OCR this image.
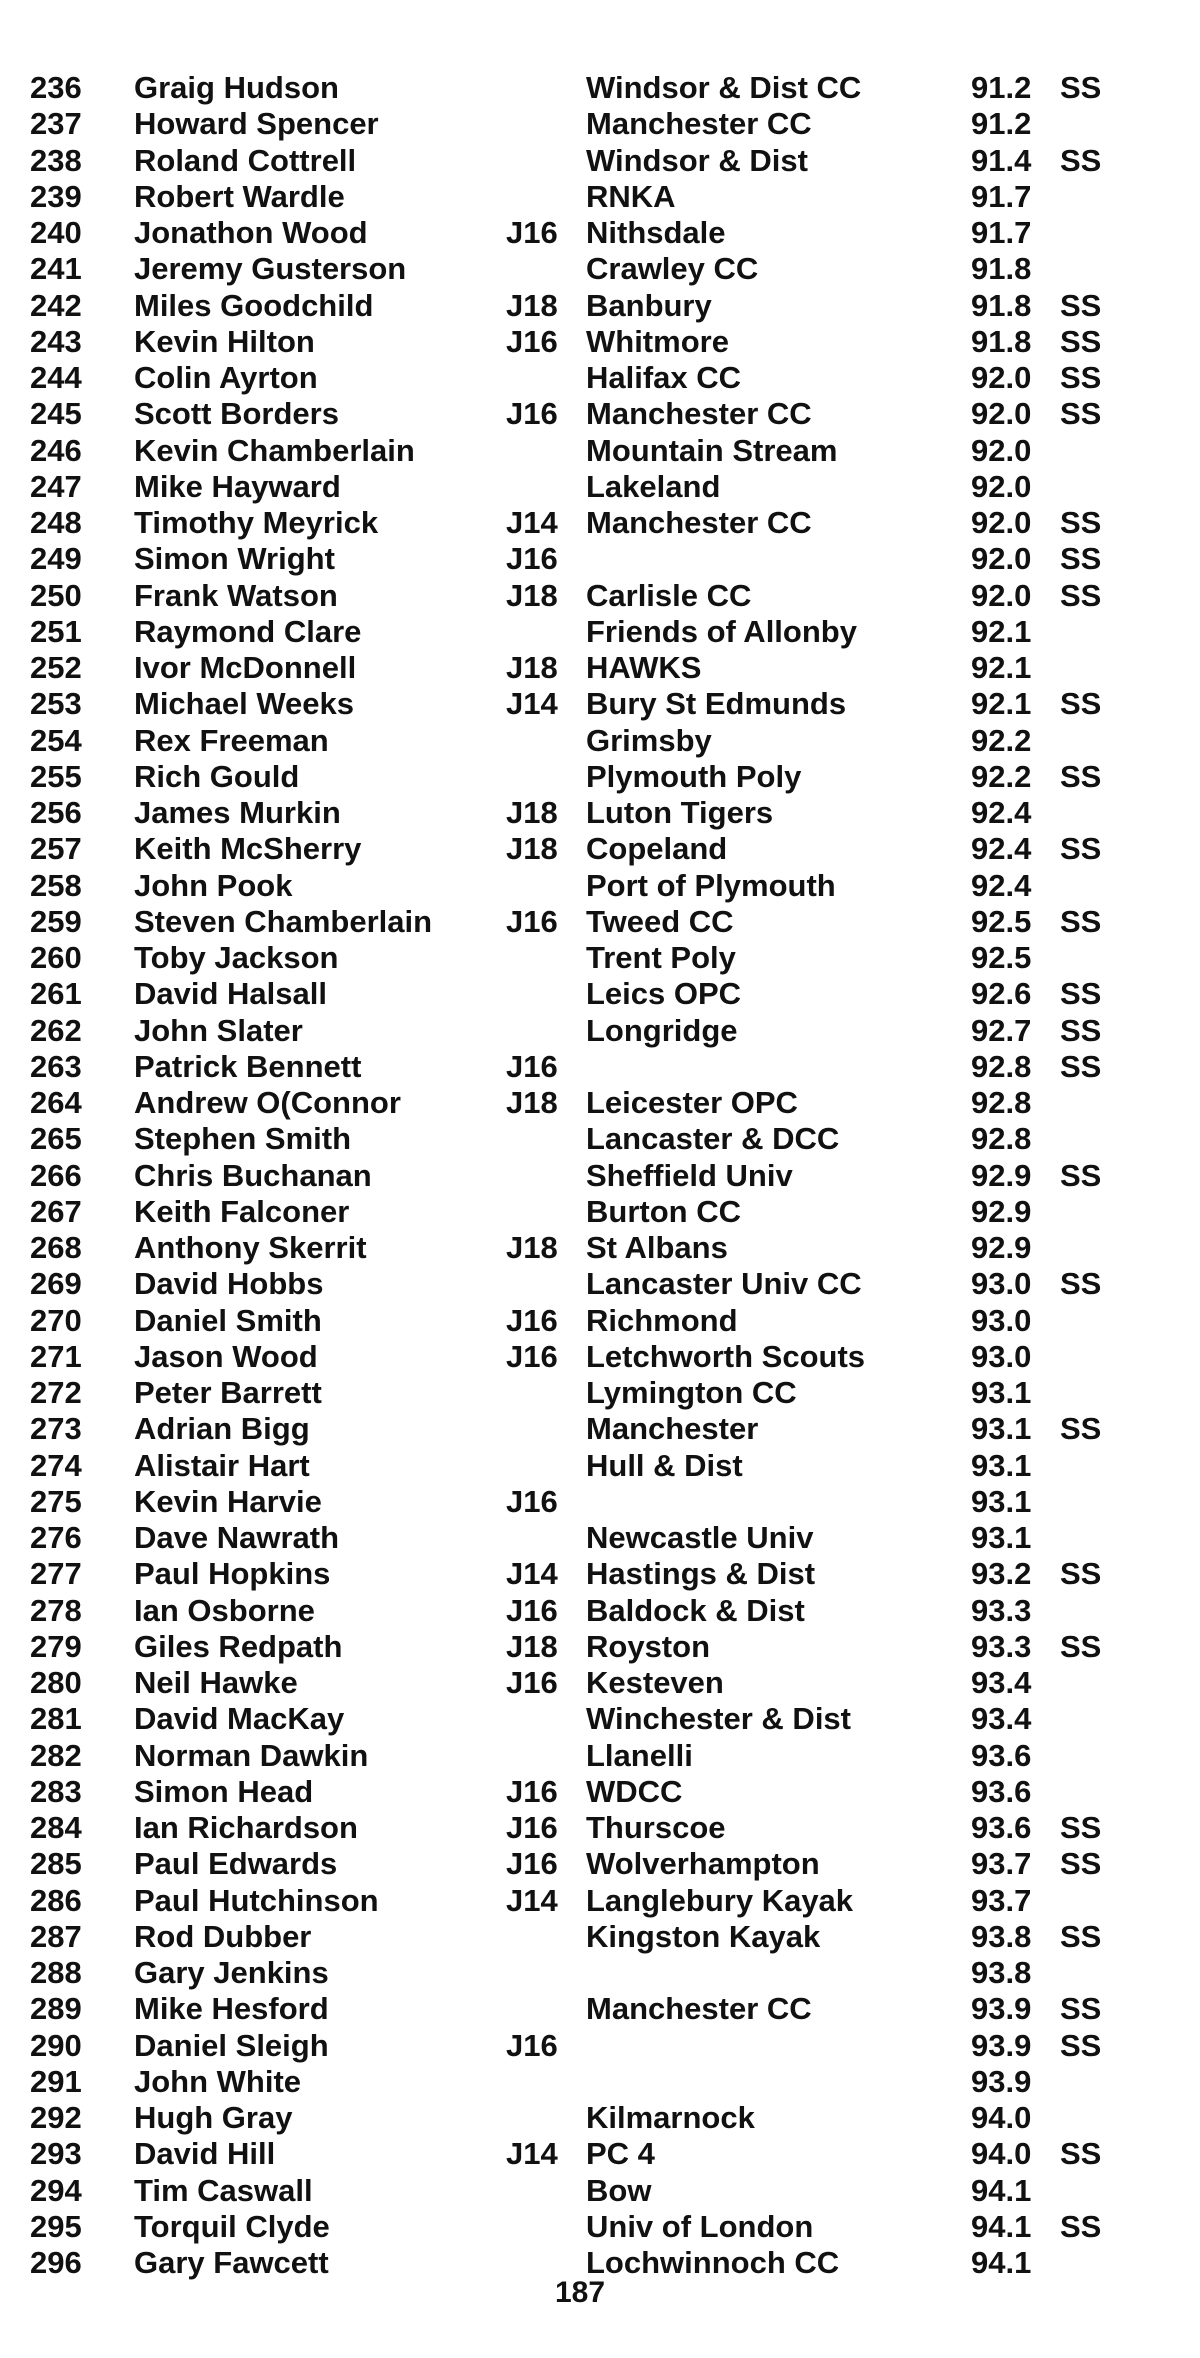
236 Graig Hudson	Windsor & Dist CC	91.2 SS
237 Howard Spencer	Manchester CC	91.2
238 Roland Cottrell	Windsor & Dist	91.4 SS
239 Robert Wardle	RNKA	91.7
240 Jonathon Wood	J16 Nithsdale	91.7
241 Jeremy Gusterson	Crawley CC	91.8
242 Miles Goodchild	J18 Banbury	91.8 SS
243 Kevin Hilton	J16 Whitmore	91.8 SS
244 Colin Ayrton	Halifax CC	92.0 SS
245 Scott Borders	J16 Manchester CC	92.0 SS
246 Kevin Chamberlain	Mountain Stream	92.0
247 Mike Hayward	Lakeland	92.0
248 Timothy Meyrick	J14 Manchester CC	92.0 SS
249 Simon Wright	J16	92.0 SS
250 Frank Watson	J18 Carlisle CC	92.0 SS
251 Raymond Clare	Friends of Allonby	92.1
252 Ivor McDonnell	J18 HAWKS	92.1
253 Michael Weeks	J14 Bury St Edmunds	92.1 SS
254 Rex Freeman	Grimsby	92.2
255 Rich Gould	Plymouth Poly	92.2 SS
256 James Murkin	J18 Luton Tigers	92.4
257 Keith McSherry	J18 Copeland	92.4 SS
258 John Pook	Port of Plymouth	92.4
259 Steven Chamberlain J16 Tweed CC	92.5 SS
260 Toby Jackson	Trent Poly	92.5
261 David Halsall	Leics OPC	92.6 SS
262 John Slater	Longridge	92.7 SS
263 Patrick Bennett	J16	92.8 SS
264 Andrew O(Connor	J18 Leicester OPC	92.8
265 Stephen Smith	Lancaster & DCC	92.8
266 Chris Buchanan	Sheffield Univ	92.9 SS
267 Keith Falconer	Burton CC	92.9
268 Anthony Skerrit	J18 St Albans	92.9
269 David Hobbs	Lancaster Univ CC	93.0 SS
270 Daniel Smith	J16 Richmond	93.0
271 Jason Wood	J16 Letchworth Scouts	93.0
272 Peter Barrett	Lymington CC	93.1
273 Adrian Bigg	Manchester	93.1 SS
274 Alistair Hart	Hull & Dist	93.1
275 Kevin Harvie	J16	93.1
276 Dave Nawrath	Newcastle Univ	93.1
277 Paul Hopkins	J14 Hastings & Dist	93.2 SS
278 Ian Osborne	J16 Baldock & Dist	93.3
279 Giles Redpath	J18 Royston	93.3 SS
280 Neil Hawke	J16 Kesteven	93.4
281 David MacKay	Winchester & Dist	93.4
282 Norman Dawkin	Llanelli	93.6
283 Simon Head	J16 WDCC	93.6
284 Ian Richardson	J16 Thurscoe	93.6 SS
285 Paul Edwards	J16 Wolverhampton	93.7 SS
286 Paul Hutchinson	J14 Langlebury Kayak	93.7
287 Rod Dubber	Kingston Kayak	93.8 SS
288 Gary Jenkins	93.8
289 Mike Hesford	Manchester CC	93.9 SS
290 Daniel Sleigh	J16	93.9 SS
291 John White	93.9
292 Hugh Gray	Kilmarnock	94.0
293 David Hill	J14 PC 4	94.0 SS
294 Tim Caswall	Bow	94.1
295 Torquil Clyde	Univ of London	94.1 SS
296 Gary Fawcett	Lochwinnoch CC	94.1
187
